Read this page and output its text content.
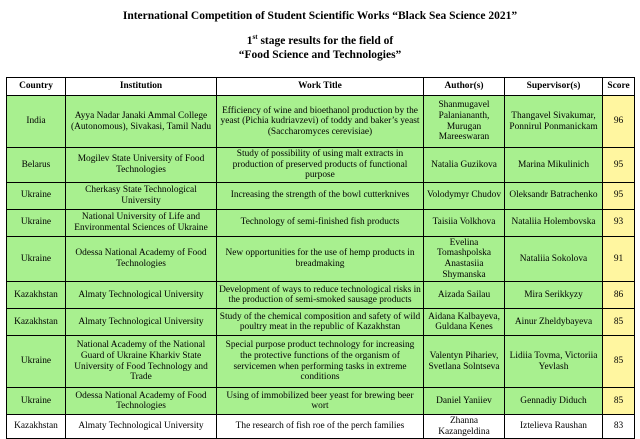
International Competition of Student Scientific Works “Black Sea Science 2021”
1st stage results for the field of
“Food Science and Technologies”
Country	Institution	Work Title	Author(s)	Supervisor(s)	Score
India	Ayya Nadar Janaki Ammal College (Autonomous), Sivakasi, Tamil Nadu	Efficiency of wine and bioethanol production by the yeast (Pichia kudriavzevi) of toddy and baker’s yeast (Saccharomyces cerevisiae)	Shanmugavel Palaniananth, Murugan Mareeswaran	Thangavel Sivakumar, Ponnirul Ponmanickam	96
Belarus	Mogilev State University of Food Technologies	Study of possibility of using malt extracts in production of preserved products of functional purpose	Natalia Guzikova	Marina Mikulinich	95
Ukraine	Cherkasy State Technological University	Increasing the strength of the bowl cutterknives	Volodymyr Chudov	Oleksandr Batrachenko	95
Ukraine	National University of Life and Environmental Sciences of Ukraine	Technology of semi-finished fish products	Taisiia Volkhova	Nataliia Holembovska	93
Ukraine	Odessa National Academy of Food Technologies	New opportunities for the use of hemp products in breadmaking	Evelina Tomashpolska Anastasiia Shymanska	Nataliia Sokolova	91
Kazakhstan	Almaty Technological University	Development of ways to reduce technological risks in the production of semi-smoked sausage products	Aizada Sailau	Mira Serikkyzy	86
Kazakhstan	Almaty Technological University	Study of the chemical composition and safety of wild poultry meat in the republic of Kazakhstan	Aidana Kalbayeva, Guldana Kenes	Ainur Zheldybayeva	85
Ukraine	National Academy of the National Guard of Ukraine Kharkiv State University of Food Technology and Trade	Special purpose product technology for increasing the protective functions of the organism of servicemen when performing tasks in extreme conditions	Valentyn Pihariev, Svetlana Solntseva	Lidiia Tovma, Victoriia Yevlash	85
Ukraine	Odessa National Academy of Food Technologies	Using of immobilized beer yeast for brewing beer wort	Daniel Yaniiev	Gennadiy Diduch	85
Kazakhstan	Almaty Technological University	The research of fish roe of the perch families	Zhanna Kazangeldina	Iztelieva Raushan	83
